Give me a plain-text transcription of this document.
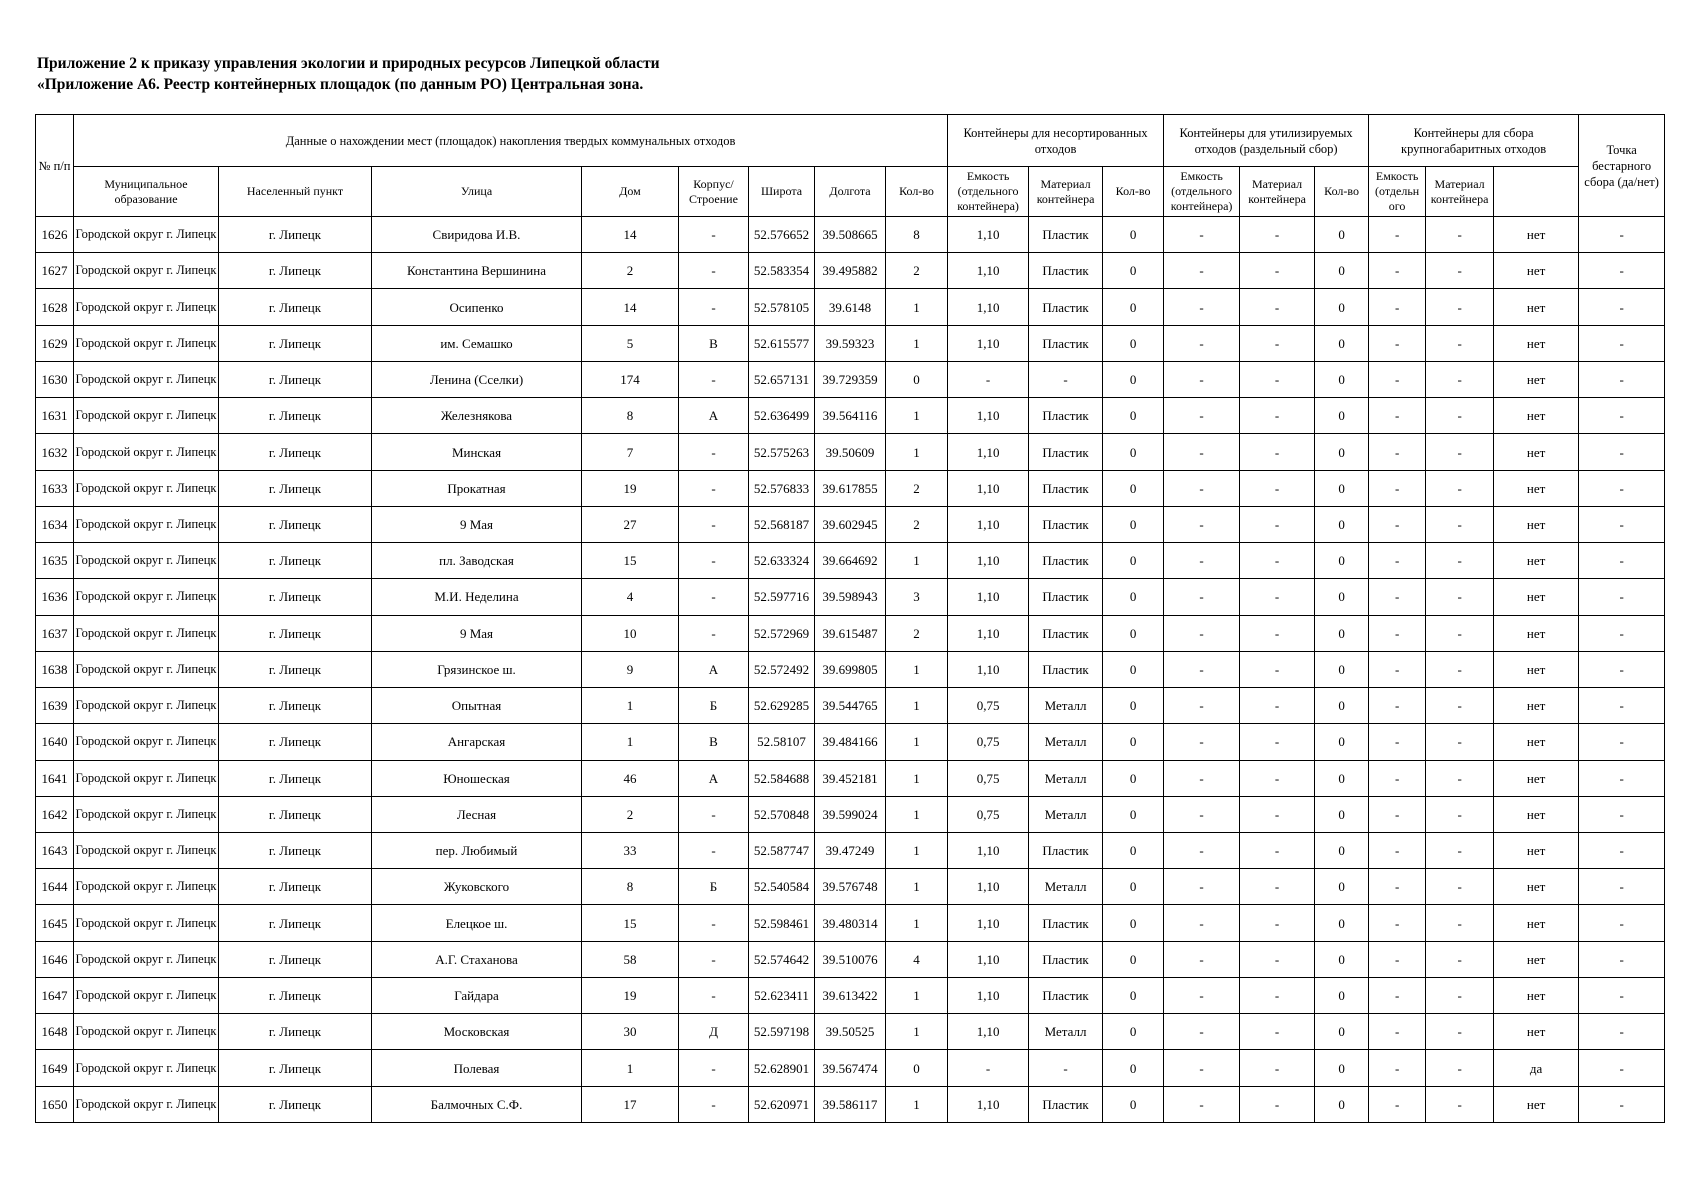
Приложение 2 к приказу управления экологии и природных ресурсов Липецкой области
«Приложение А6. Реестр контейнерных площадок (по данным РО) Центральная зона.
№ п/п	Данные о нахождении мест (площадок) накопления твердых коммунальных отходов								Контейнеры для несортированных отходов			Контейнеры для утилизируемых отходов (раздельный сбор)			Контейнеры для сбора крупногабаритных отходов			Точка бестарного сбора (да/нет)	
	Муниципальное образование	Населенный пункт	Улица	Дом	Корпус/ Строение	Широта	Долгота	Кол-во	Емкость (отдельного контейнера)	Материал контейнера	Кол-во	Емкость (отдельного контейнера)	Материал контейнера	Кол-во	Емкость (отдельн ого	Материал контейнера			
1626	Городской округ г. Липецк	г. Липецк	Свиридова И.В.	14	-	52.576652	39.508665	8	1,10	Пластик	0	-	-	0	-	-	нет	-	
1627	Городской округ г. Липецк	г. Липецк	Константина Вершинина	2	-	52.583354	39.495882	2	1,10	Пластик	0	-	-	0	-	-	нет	-	
1628	Городской округ г. Липецк	г. Липецк	Осипенко	14	-	52.578105	39.6148	1	1,10	Пластик	0	-	-	0	-	-	нет	-	
1629	Городской округ г. Липецк	г. Липецк	им. Семашко	5	В	52.615577	39.59323	1	1,10	Пластик	0	-	-	0	-	-	нет	-	
1630	Городской округ г. Липецк	г. Липецк	Ленина (Сселки)	174	-	52.657131	39.729359	0	-	-	0	-	-	0	-	-	нет	-	
1631	Городской округ г. Липецк	г. Липецк	Железнякова	8	А	52.636499	39.564116	1	1,10	Пластик	0	-	-	0	-	-	нет	-	
1632	Городской округ г. Липецк	г. Липецк	Минская	7	-	52.575263	39.50609	1	1,10	Пластик	0	-	-	0	-	-	нет	-	
1633	Городской округ г. Липецк	г. Липецк	Прокатная	19	-	52.576833	39.617855	2	1,10	Пластик	0	-	-	0	-	-	нет	-	
1634	Городской округ г. Липецк	г. Липецк	9 Мая	27	-	52.568187	39.602945	2	1,10	Пластик	0	-	-	0	-	-	нет	-	
1635	Городской округ г. Липецк	г. Липецк	пл. Заводская	15	-	52.633324	39.664692	1	1,10	Пластик	0	-	-	0	-	-	нет	-	
1636	Городской округ г. Липецк	г. Липецк	М.И. Неделина	4	-	52.597716	39.598943	3	1,10	Пластик	0	-	-	0	-	-	нет	-	
1637	Городской округ г. Липецк	г. Липецк	9 Мая	10	-	52.572969	39.615487	2	1,10	Пластик	0	-	-	0	-	-	нет	-	
1638	Городской округ г. Липецк	г. Липецк	Грязинское ш.	9	А	52.572492	39.699805	1	1,10	Пластик	0	-	-	0	-	-	нет	-	
1639	Городской округ г. Липецк	г. Липецк	Опытная	1	Б	52.629285	39.544765	1	0,75	Металл	0	-	-	0	-	-	нет	-	
1640	Городской округ г. Липецк	г. Липецк	Ангарская	1	В	52.58107	39.484166	1	0,75	Металл	0	-	-	0	-	-	нет	-	
1641	Городской округ г. Липецк	г. Липецк	Юношеская	46	А	52.584688	39.452181	1	0,75	Металл	0	-	-	0	-	-	нет	-	
1642	Городской округ г. Липецк	г. Липецк	Лесная	2	-	52.570848	39.599024	1	0,75	Металл	0	-	-	0	-	-	нет	-	
1643	Городской округ г. Липецк	г. Липецк	пер. Любимый	33	-	52.587747	39.47249	1	1,10	Пластик	0	-	-	0	-	-	нет	-	
1644	Городской округ г. Липецк	г. Липецк	Жуковского	8	Б	52.540584	39.576748	1	1,10	Металл	0	-	-	0	-	-	нет	-	
1645	Городской округ г. Липецк	г. Липецк	Елецкое ш.	15	-	52.598461	39.480314	1	1,10	Пластик	0	-	-	0	-	-	нет	-	
1646	Городской округ г. Липецк	г. Липецк	А.Г. Стаханова	58	-	52.574642	39.510076	4	1,10	Пластик	0	-	-	0	-	-	нет	-	
1647	Городской округ г. Липецк	г. Липецк	Гайдара	19	-	52.623411	39.613422	1	1,10	Пластик	0	-	-	0	-	-	нет	-	
1648	Городской округ г. Липецк	г. Липецк	Московская	30	Д	52.597198	39.50525	1	1,10	Металл	0	-	-	0	-	-	нет	-	
1649	Городской округ г. Липецк	г. Липецк	Полевая	1	-	52.628901	39.567474	0	-	-	0	-	-	0	-	-	да	-	
1650	Городской округ г. Липецк	г. Липецк	Балмочных С.Ф.	17	-	52.620971	39.586117	1	1,10	Пластик	0	-	-	0	-	-	нет	-	
